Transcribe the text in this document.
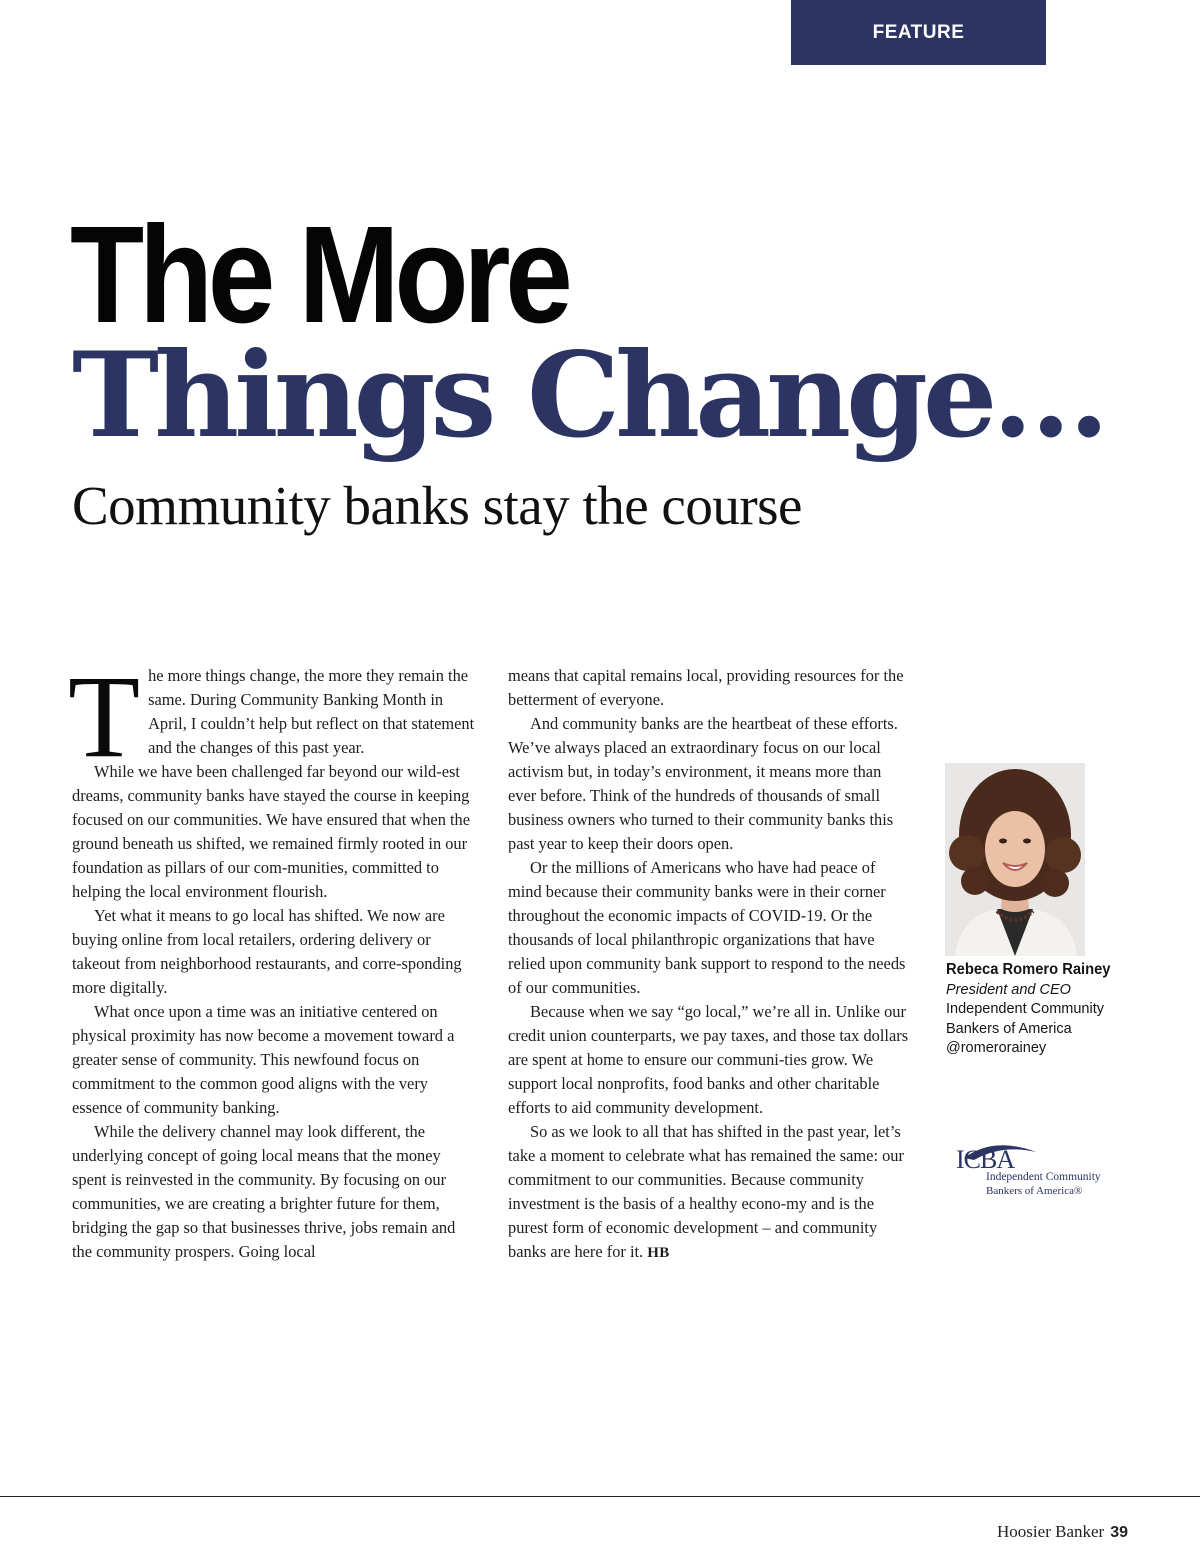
FEATURE
The More
Things Change…
Community banks stay the course

The more things change, the more they remain the same. During Community Banking Month in April, I couldn’t help but reflect on that statement and the changes of this past year.

While we have been challenged far beyond our wild-est dreams, community banks have stayed the course in keeping focused on our communities. We have ensured that when the ground beneath us shifted, we remained firmly rooted in our foundation as pillars of our com-munities, committed to helping the local environment flourish.

Yet what it means to go local has shifted. We now are buying online from local retailers, ordering delivery or takeout from neighborhood restaurants, and corre-sponding more digitally.

What once upon a time was an initiative centered on physical proximity has now become a movement toward a greater sense of community. This newfound focus on commitment to the common good aligns with the very essence of community banking.

While the delivery channel may look different, the underlying concept of going local means that the money spent is reinvested in the community. By focusing on our communities, we are creating a brighter future for them, bridging the gap so that businesses thrive, jobs remain and the community prospers. Going local

means that capital remains local, providing resources for the betterment of everyone.

And community banks are the heartbeat of these efforts. We’ve always placed an extraordinary focus on our local activism but, in today’s environment, it means more than ever before. Think of the hundreds of thousands of small business owners who turned to their community banks this past year to keep their doors open.

Or the millions of Americans who have had peace of mind because their community banks were in their corner throughout the economic impacts of COVID-19. Or the thousands of local philanthropic organizations that have relied upon community bank support to respond to the needs of our communities.

Because when we say “go local,” we’re all in. Unlike our credit union counterparts, we pay taxes, and those tax dollars are spent at home to ensure our communi-ties grow. We support local nonprofits, food banks and other charitable efforts to aid community development.

So as we look to all that has shifted in the past year, let’s take a moment to celebrate what has remained the same: our commitment to our communities. Because community investment is the basis of a healthy econo-my and is the purest form of economic development – and community banks are here for it. HB

Rebeca Romero Rainey
President and CEO
Independent Community
Bankers of America
@romerorainey
ICBA
Independent Community
Bankers of America®
Hoosier Banker 39
